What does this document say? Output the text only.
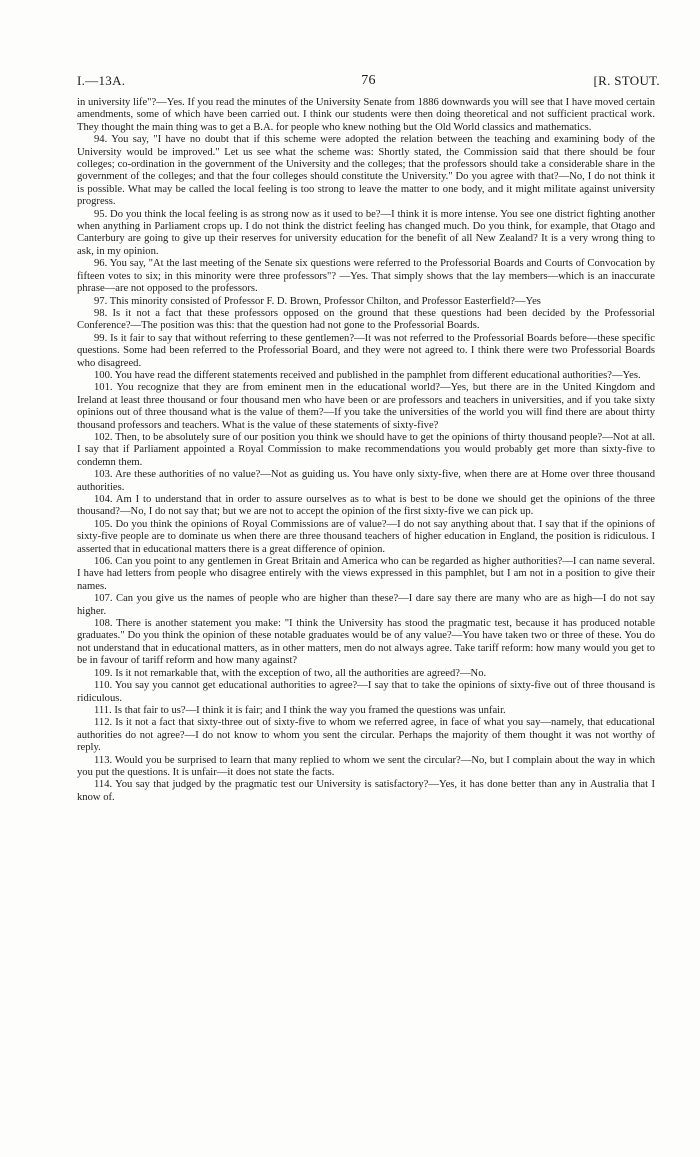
I.—13A.	76	[R. STOUT.

in university life"?—Yes. If you read the minutes of the University Senate from 1886 downwards you will see that I have moved certain amendments, some of which have been carried out. I think our students were then doing theoretical and not sufficient practical work. They thought the main thing was to get a B.A. for people who knew nothing but the Old World classics and mathematics.

94. You say, "I have no doubt that if this scheme were adopted the relation between the teaching and examining body of the University would be improved." Let us see what the scheme was: Shortly stated, the Commission said that there should be four colleges; co-ordination in the government of the University and the colleges; that the professors should take a considerable share in the government of the colleges; and that the four colleges should constitute the University." Do you agree with that?—No, I do not think it is possible. What may be called the local feeling is too strong to leave the matter to one body, and it might militate against university progress.

95. Do you think the local feeling is as strong now as it used to be?—I think it is more intense. You see one district fighting another when anything in Parliament crops up. I do not think the district feeling has changed much. Do you think, for example, that Otago and Canterbury are going to give up their reserves for university education for the benefit of all New Zealand? It is a very wrong thing to ask, in my opinion.

96. You say, "At the last meeting of the Senate six questions were referred to the Professorial Boards and Courts of Convocation by fifteen votes to six; in this minority were three professors"? —Yes. That simply shows that the lay members—which is an inaccurate phrase—are not opposed to the professors.

97. This minority consisted of Professor F. D. Brown, Professor Chilton, and Professor Easterfield?—Yes

98. Is it not a fact that these professors opposed on the ground that these questions had been decided by the Professorial Conference?—The position was this: that the question had not gone to the Professorial Boards.

99. Is it fair to say that without referring to these gentlemen?—It was not referred to the Professorial Boards before—these specific questions. Some had been referred to the Professorial Board, and they were not agreed to. I think there were two Professorial Boards who disagreed.

100. You have read the different statements received and published in the pamphlet from different educational authorities?—Yes.

101. You recognize that they are from eminent men in the educational world?—Yes, but there are in the United Kingdom and Ireland at least three thousand or four thousand men who have been or are professors and teachers in universities, and if you take sixty opinions out of three thousand what is the value of them?—If you take the universities of the world you will find there are about thirty thousand professors and teachers. What is the value of these statements of sixty-five?

102. Then, to be absolutely sure of our position you think we should have to get the opinions of thirty thousand people?—Not at all. I say that if Parliament appointed a Royal Commission to make recommendations you would probably get more than sixty-five to condemn them.

103. Are these authorities of no value?—Not as guiding us. You have only sixty-five, when there are at Home over three thousand authorities.

104. Am I to understand that in order to assure ourselves as to what is best to be done we should get the opinions of the three thousand?—No, I do not say that; but we are not to accept the opinion of the first sixty-five we can pick up.

105. Do you think the opinions of Royal Commissions are of value?—I do not say anything about that. I say that if the opinions of sixty-five people are to dominate us when there are three thousand teachers of higher education in England, the position is ridiculous. I asserted that in educational matters there is a great difference of opinion.

106. Can you point to any gentlemen in Great Britain and America who can be regarded as higher authorities?—I can name several. I have had letters from people who disagree entirely with the views expressed in this pamphlet, but I am not in a position to give their names.

107. Can you give us the names of people who are higher than these?—I dare say there are many who are as high—I do not say higher.

108. There is another statement you make: "I think the University has stood the pragmatic test, because it has produced notable graduates." Do you think the opinion of these notable graduates would be of any value?—You have taken two or three of these. You do not understand that in educational matters, as in other matters, men do not always agree. Take tariff reform: how many would you get to be in favour of tariff reform and how many against?

109. Is it not remarkable that, with the exception of two, all the authorities are agreed?—No.

110. You say you cannot get educational authorities to agree?—I say that to take the opinions of sixty-five out of three thousand is ridiculous.

111. Is that fair to us?—I think it is fair; and I think the way you framed the questions was unfair.

112. Is it not a fact that sixty-three out of sixty-five to whom we referred agree, in face of what you say—namely, that educational authorities do not agree?—I do not know to whom you sent the circular. Perhaps the majority of them thought it was not worthy of reply.

113. Would you be surprised to learn that many replied to whom we sent the circular?—No, but I complain about the way in which you put the questions. It is unfair—it does not state the facts.

114. You say that judged by the pragmatic test our University is satisfactory?—Yes, it has done better than any in Australia that I know of.
